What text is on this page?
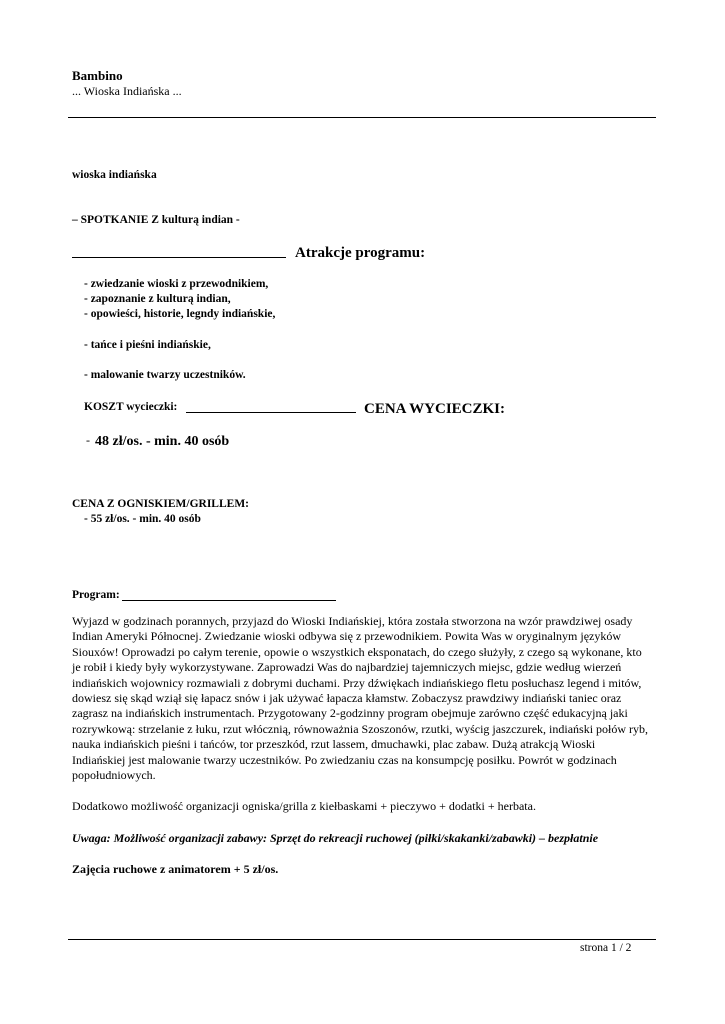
Bambino
... Wioska Indiańska ...
wioska indiańska
– SPOTKANIE Z kulturą indian -
Atrakcje programu:
- zwiedzanie wioski z przewodnikiem,
- zapoznanie z kulturą indian,
- opowieści, historie, legndy indiańskie,
- tańce i pieśni indiańskie,
- malowanie twarzy uczestników.
KOSZT wycieczki:	CENA WYCIECZKI:
- 48 zł/os. - min. 40 osób
CENA Z OGNISKIEM/GRILLEM:
- 55 zł/os. - min. 40 osób
Program:
Wyjazd w godzinach porannych, przyjazd do Wioski Indiańskiej, która została stworzona na wzór prawdziwej osady Indian Ameryki Północnej. Zwiedzanie wioski odbywa się z przewodnikiem. Powita Was w oryginalnym języków Siouxów! Oprowadzi po całym terenie, opowie o wszystkich eksponatach, do czego służyły, z czego są wykonane, kto je robił i kiedy były wykorzystywane. Zaprowadzi Was do najbardziej tajemniczych miejsc, gdzie według wierzeń indiańskich wojownicy rozmawiali z dobrymi duchami. Przy dźwiękach indiańskiego fletu posłuchasz legend i mitów, dowiesz się skąd wziął się łapacz snów i jak używać łapacza kłamstw. Zobaczysz prawdziwy indiański taniec oraz zagrasz na indiańskich instrumentach. Przygotowany 2-godzinny program obejmuje zarówno część edukacyjną jaki rozrywkową: strzelanie z łuku, rzut włócznią, równoważnia Szoszonów, rzutki, wyścig jaszczurek, indiański połów ryb, nauka indiańskich pieśni i tańców, tor przeszkód, rzut lassem, dmuchawki, plac zabaw. Dużą atrakcją Wioski Indiańskiej jest malowanie twarzy uczestników. Po zwiedzaniu czas na konsumpcję posiłku. Powrót w godzinach popołudniowych.
Dodatkowo możliwość organizacji ogniska/grilla z kiełbaskami + pieczywo + dodatki + herbata.
Uwaga: Możliwość organizacji zabawy: Sprzęt do rekreacji ruchowej (piłki/skakanki/zabawki) – bezpłatnie
Zajęcia ruchowe z animatorem + 5 zł/os.
strona 1 / 2
